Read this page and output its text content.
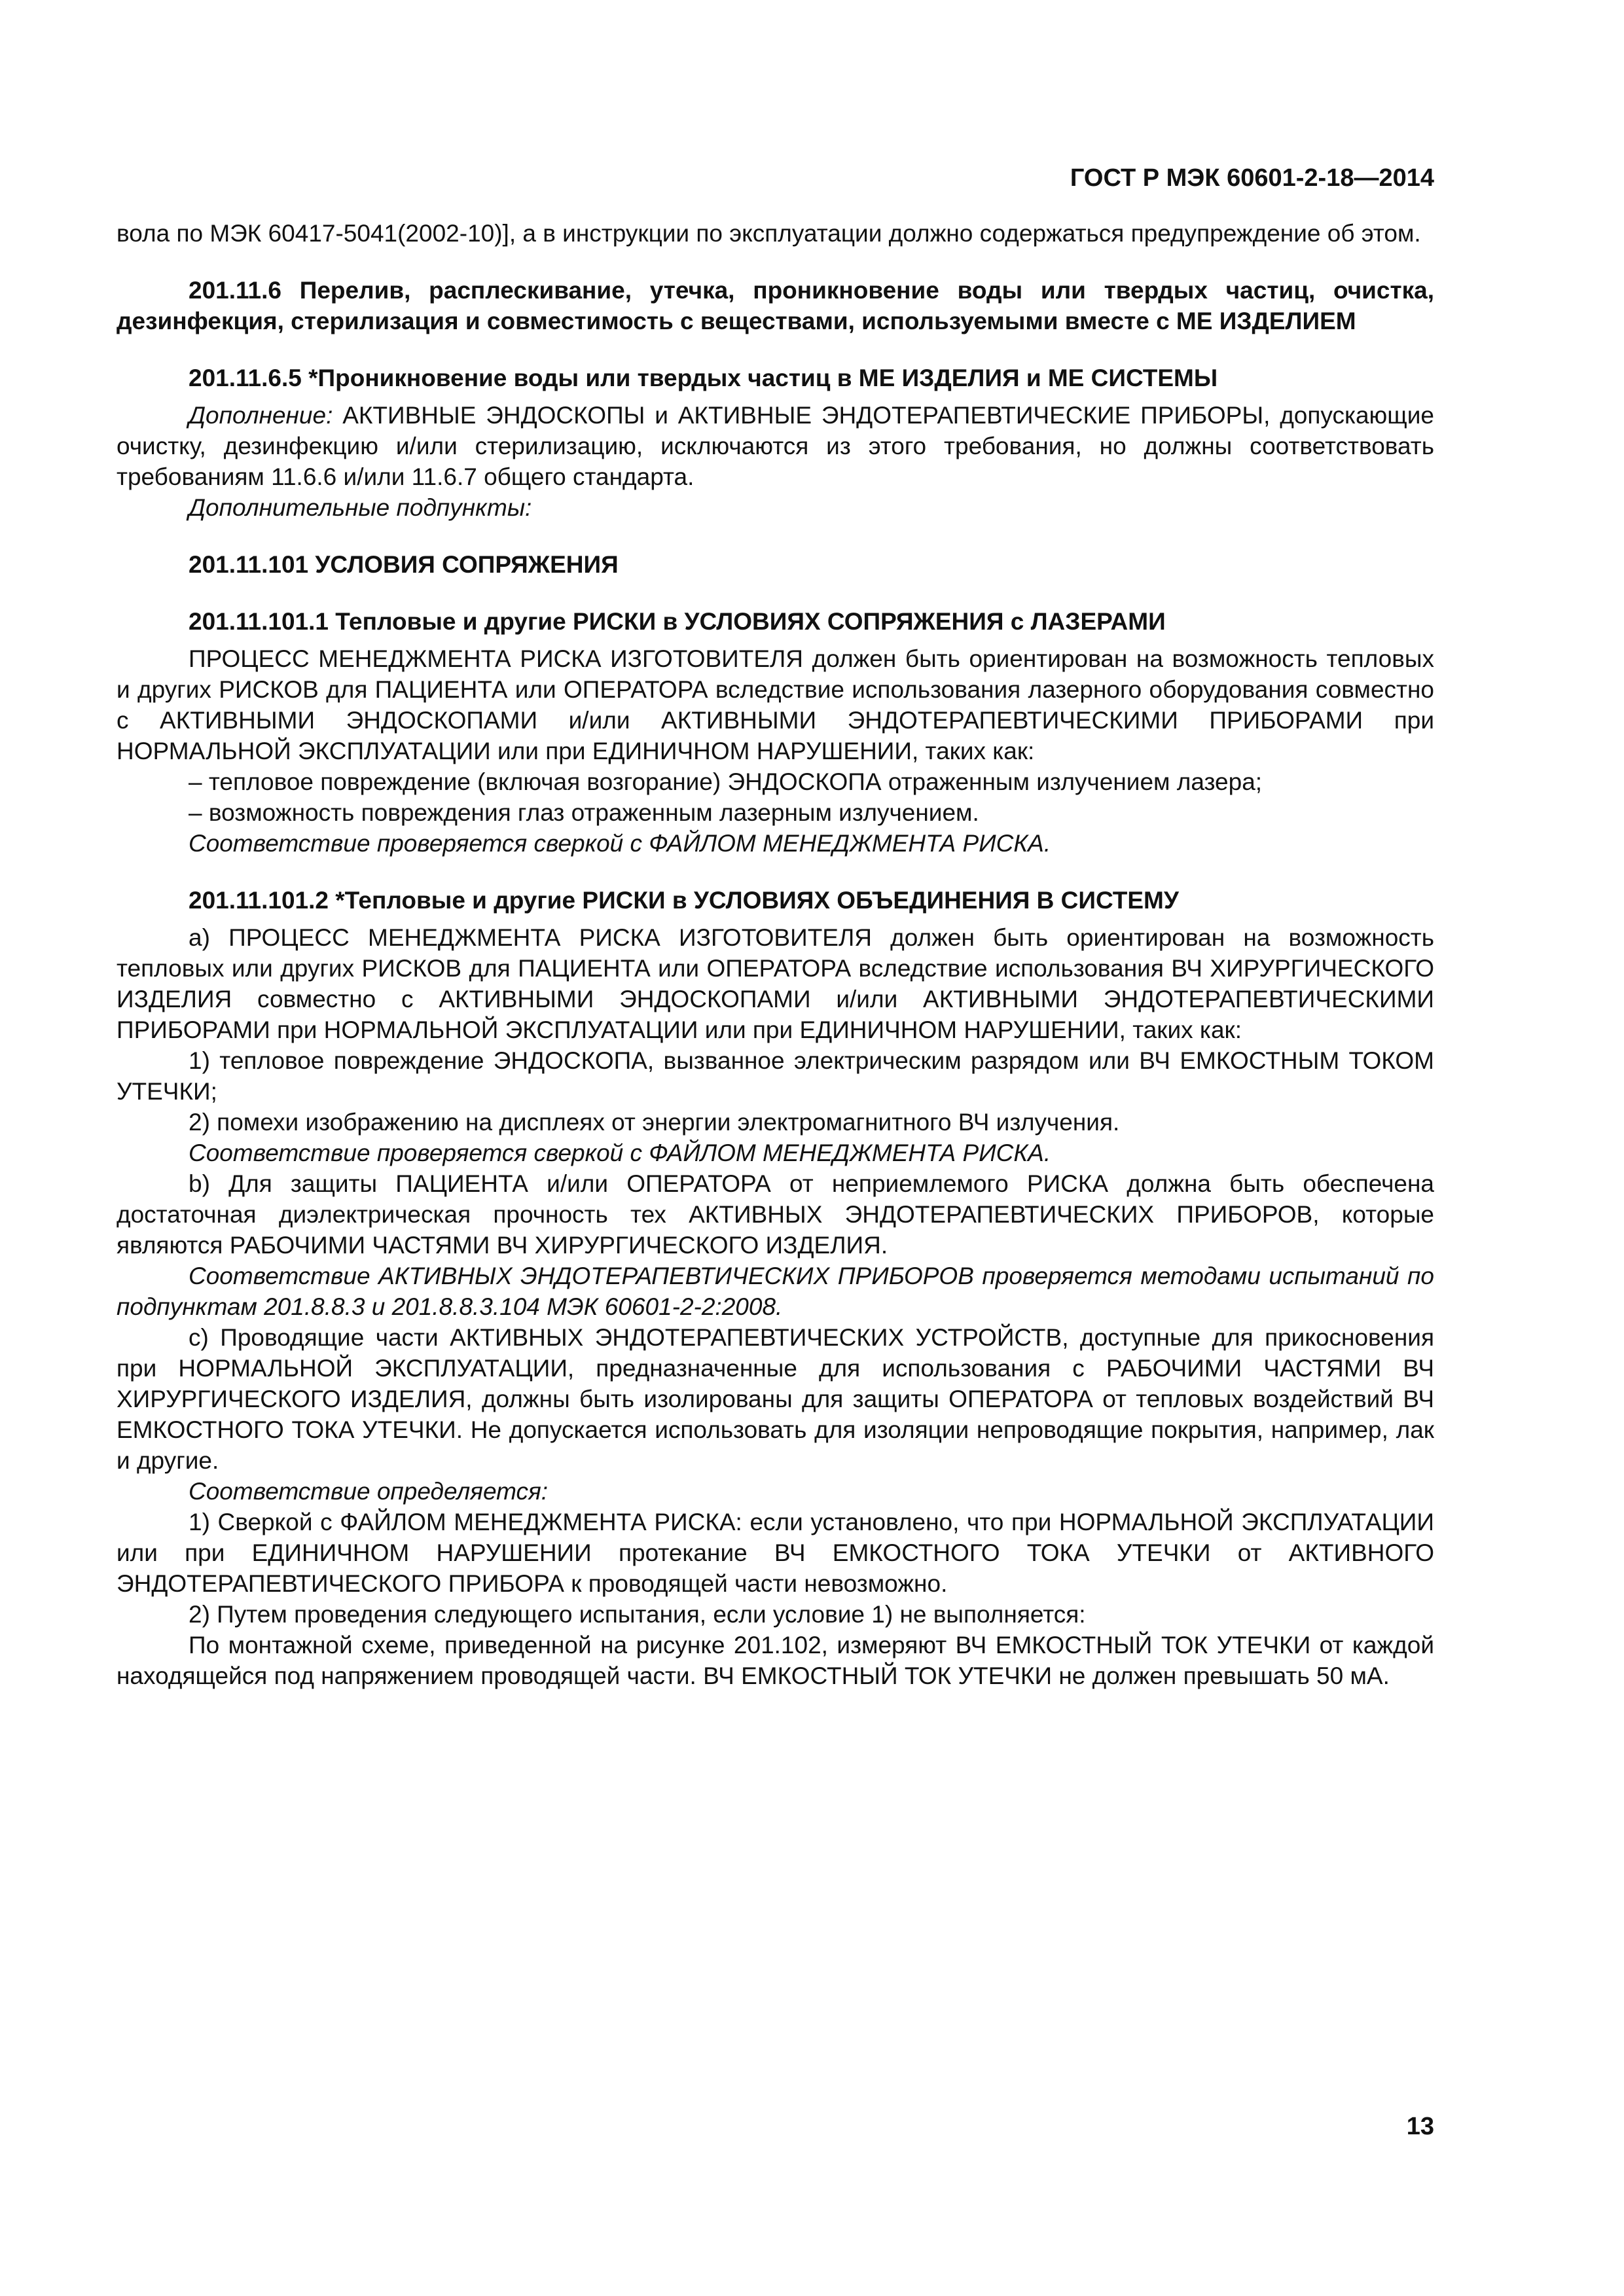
ГОСТ Р МЭК 60601-2-18—2014

вола по МЭК 60417-5041(2002-10)], а в инструкции по эксплуатации должно содержаться предупреждение об этом.

201.11.6 Перелив, расплескивание, утечка, проникновение воды или твердых частиц, очистка, дезинфекция, стерилизация и совместимость с веществами, используемыми вместе с МЕ ИЗДЕЛИЕМ

201.11.6.5 *Проникновение воды или твердых частиц в МЕ ИЗДЕЛИЯ и МЕ СИСТЕМЫ

Дополнение: АКТИВНЫЕ ЭНДОСКОПЫ и АКТИВНЫЕ ЭНДОТЕРАПЕВТИЧЕСКИЕ ПРИБОРЫ, допускающие очистку, дезинфекцию и/или стерилизацию, исключаются из этого требования, но должны соответствовать требованиям 11.6.6 и/или 11.6.7 общего стандарта.

Дополнительные подпункты:

201.11.101 УСЛОВИЯ СОПРЯЖЕНИЯ

201.11.101.1 Тепловые и другие РИСКИ в УСЛОВИЯХ СОПРЯЖЕНИЯ с ЛАЗЕРАМИ

ПРОЦЕСС МЕНЕДЖМЕНТА РИСКА ИЗГОТОВИТЕЛЯ должен быть ориентирован на возможность тепловых и других РИСКОВ для ПАЦИЕНТА или ОПЕРАТОРА вследствие использования лазерного оборудования совместно с АКТИВНЫМИ ЭНДОСКОПАМИ и/или АКТИВНЫМИ ЭНДОТЕРАПЕВТИЧЕСКИМИ ПРИБОРАМИ при НОРМАЛЬНОЙ ЭКСПЛУАТАЦИИ или при ЕДИНИЧНОМ НАРУШЕНИИ, таких как:

– тепловое повреждение (включая возгорание) ЭНДОСКОПА отраженным излучением лазера;

– возможность повреждения глаз отраженным лазерным излучением.

Соответствие проверяется сверкой с ФАЙЛОМ МЕНЕДЖМЕНТА РИСКА.

201.11.101.2 *Тепловые и другие РИСКИ в УСЛОВИЯХ ОБЪЕДИНЕНИЯ В СИСТЕМУ

а) ПРОЦЕСС МЕНЕДЖМЕНТА РИСКА ИЗГОТОВИТЕЛЯ должен быть ориентирован на возможность тепловых или других РИСКОВ для ПАЦИЕНТА или ОПЕРАТОРА вследствие использования ВЧ ХИРУРГИЧЕСКОГО ИЗДЕЛИЯ совместно с АКТИВНЫМИ ЭНДОСКОПАМИ и/или АКТИВНЫМИ ЭНДОТЕРАПЕВТИЧЕСКИМИ ПРИБОРАМИ при НОРМАЛЬНОЙ ЭКСПЛУАТАЦИИ или при ЕДИНИЧНОМ НАРУШЕНИИ, таких как:

1) тепловое повреждение ЭНДОСКОПА, вызванное электрическим разрядом или ВЧ ЕМКОСТНЫМ ТОКОМ УТЕЧКИ;

2) помехи изображению на дисплеях от энергии электромагнитного ВЧ излучения.

Соответствие проверяется сверкой с ФАЙЛОМ МЕНЕДЖМЕНТА РИСКА.

b) Для защиты ПАЦИЕНТА и/или ОПЕРАТОРА от неприемлемого РИСКА должна быть обеспечена достаточная диэлектрическая прочность тех АКТИВНЫХ ЭНДОТЕРАПЕВТИЧЕСКИХ ПРИБОРОВ, которые являются РАБОЧИМИ ЧАСТЯМИ ВЧ ХИРУРГИЧЕСКОГО ИЗДЕЛИЯ.

Соответствие АКТИВНЫХ ЭНДОТЕРАПЕВТИЧЕСКИХ ПРИБОРОВ проверяется методами испытаний по подпунктам 201.8.8.3 и 201.8.8.3.104 МЭК 60601-2-2:2008.

с) Проводящие части АКТИВНЫХ ЭНДОТЕРАПЕВТИЧЕСКИХ УСТРОЙСТВ, доступные для прикосновения при НОРМАЛЬНОЙ ЭКСПЛУАТАЦИИ, предназначенные для использования с РАБОЧИМИ ЧАСТЯМИ ВЧ ХИРУРГИЧЕСКОГО ИЗДЕЛИЯ, должны быть изолированы для защиты ОПЕРАТОРА от тепловых воздействий ВЧ ЕМКОСТНОГО ТОКА УТЕЧКИ. Не допускается использовать для изоляции непроводящие покрытия, например, лак и другие.

Соответствие определяется:

1) Сверкой с ФАЙЛОМ МЕНЕДЖМЕНТА РИСКА: если установлено, что при НОРМАЛЬНОЙ ЭКСПЛУАТАЦИИ или при ЕДИНИЧНОМ НАРУШЕНИИ протекание ВЧ ЕМКОСТНОГО ТОКА УТЕЧКИ от АКТИВНОГО ЭНДОТЕРАПЕВТИЧЕСКОГО ПРИБОРА к проводящей части невозможно.

2) Путем проведения следующего испытания, если условие 1) не выполняется:

По монтажной схеме, приведенной на рисунке 201.102, измеряют ВЧ ЕМКОСТНЫЙ ТОК УТЕЧКИ от каждой находящейся под напряжением проводящей части. ВЧ ЕМКОСТНЫЙ ТОК УТЕЧКИ не должен превышать 50 мА.

13
